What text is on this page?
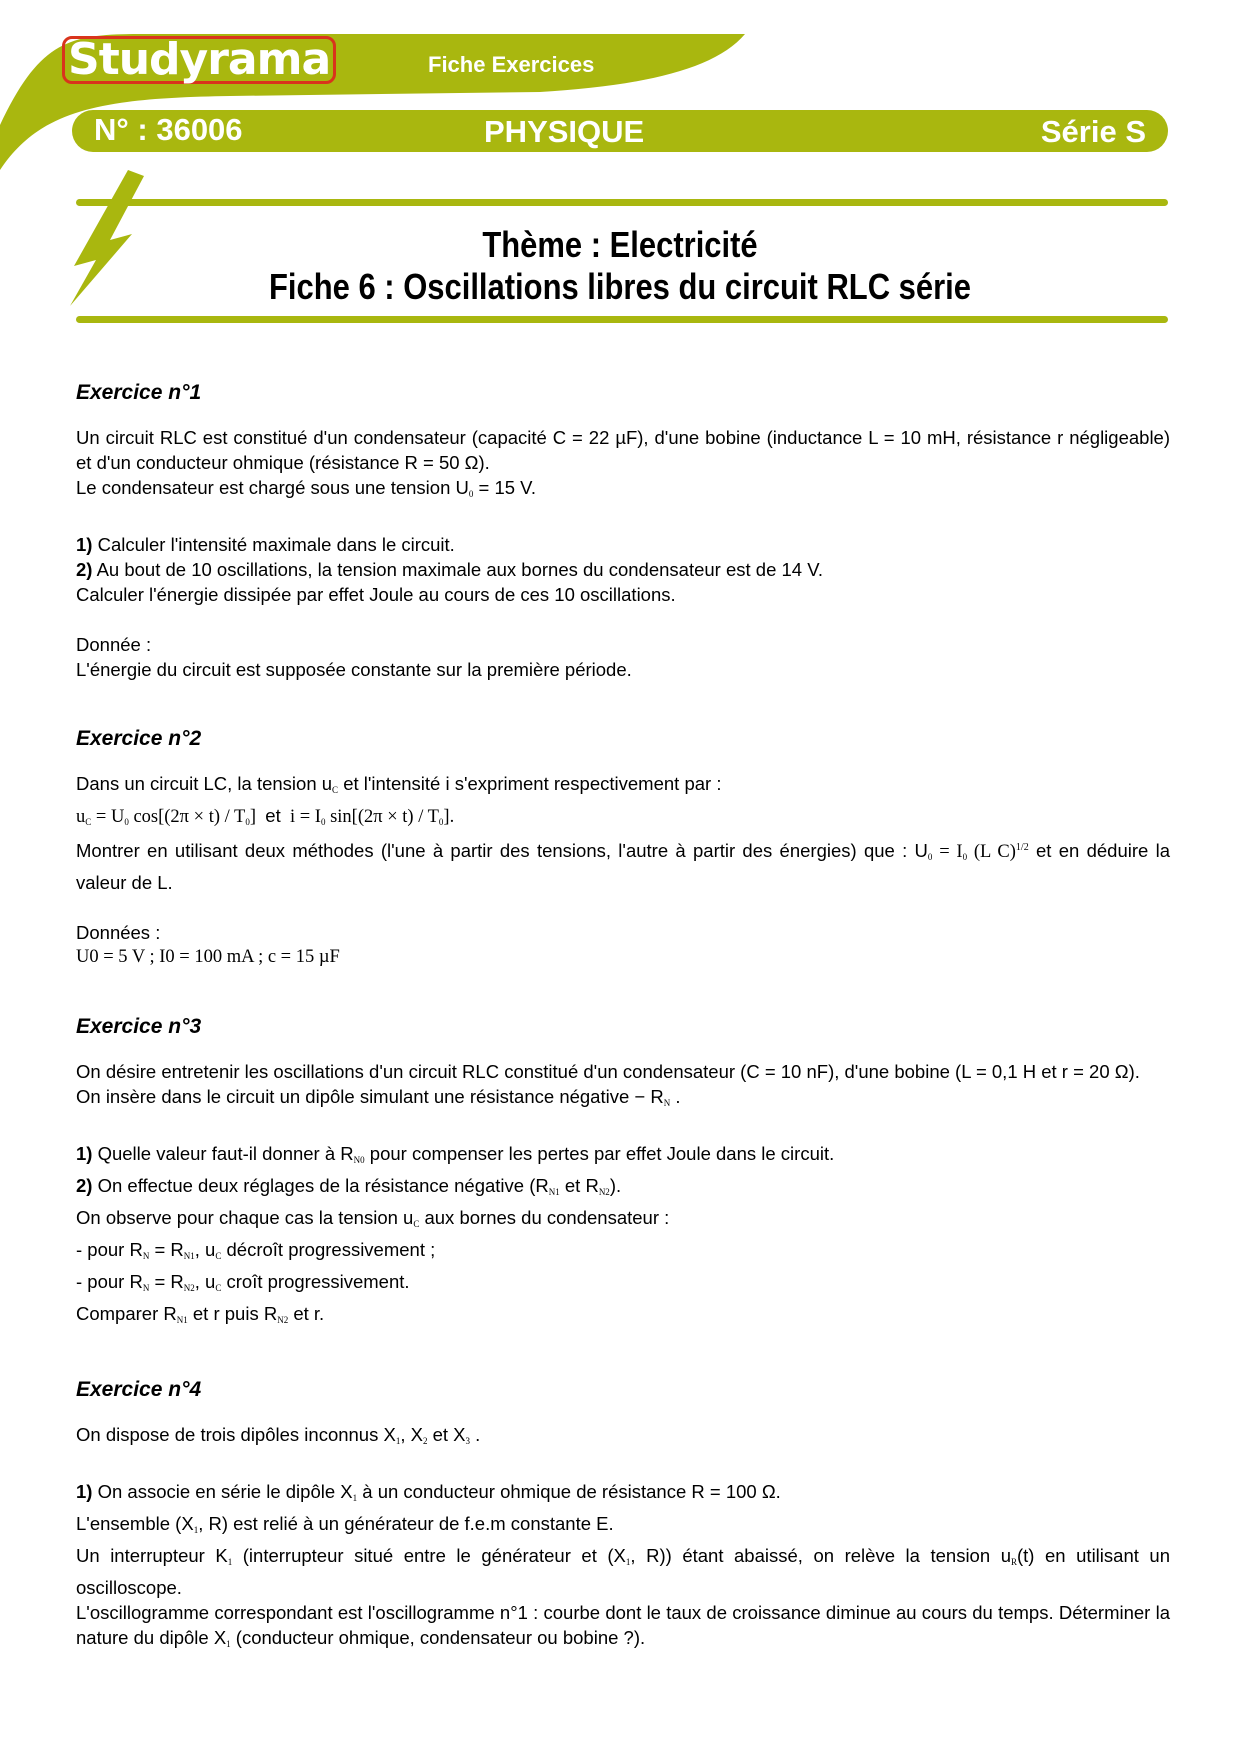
Studyrama	Fiche Exercices
N° : 36006	PHYSIQUE	Série S
Thème : Electricité
Fiche 6 : Oscillations libres du circuit RLC série
Exercice n°1

Un circuit RLC est constitué d'un condensateur (capacité C = 22 µF), d'une bobine (inductance L = 10 mH, résistance r négligeable) et d'un conducteur ohmique (résistance R = 50 Ω).

Le condensateur est chargé sous une tension $U_0 = 15$ V.

1) Calculer l'intensité maximale dans le circuit.

2) Au bout de 10 oscillations, la tension maximale aux bornes du condensateur est de 14 V.

Calculer l'énergie dissipée par effet Joule au cours de ces 10 oscillations.

Donnée :

L'énergie du circuit est supposée constante sur la première période.

Exercice n°2

Dans un circuit LC, la tension $u_C$ et l'intensité i s'expriment respectivement par :

$u_C = U_0$ $\cos[(2\pi \times t) / T_0]$ et $i = I_0$ $\sin[(2\pi \times t) / T_0]$.

Montrer en utilisant deux méthodes (l'une à partir des tensions, l'autre à partir des énergies) que : $U_0 = I_0$ (L C)$^{1/2}$ et en déduire la valeur de L.

Données :

U0 = 5 V ; I0 = 100 mA ; c = 15 µF

Exercice n°3

On désire entretenir les oscillations d'un circuit RLC constitué d'un condensateur (C = 10 nF), d'une bobine (L = 0,1 H et r = 20 Ω).

On insère dans le circuit un dipôle simulant une résistance négative − $R_N$ .

1) Quelle valeur faut-il donner à $R_{N0}$ pour compenser les pertes par effet Joule dans le circuit.

2) On effectue deux réglages de la résistance négative ($R_{N1}$ et $R_{N2}$).

On observe pour chaque cas la tension $u_C$ aux bornes du condensateur :

- pour $R_N = R_{N1}$, $u_C$ décroît progressivement ;

- pour $R_N = R_{N2}$, $u_C$ croît progressivement.

Comparer $R_{N1}$ et r puis $R_{N2}$ et r.

Exercice n°4

On dispose de trois dipôles inconnus $X_1$, $X_2$ et $X_3$ .

1) On associe en série le dipôle $X_1$ à un conducteur ohmique de résistance R = 100 Ω.

L'ensemble ($X_1$, R) est relié à un générateur de f.e.m constante E.

Un interrupteur $K_1$ (interrupteur situé entre le générateur et ($X_1$, R)) étant abaissé, on relève la tension $u_R(t)$ en utilisant un oscilloscope.

L'oscillogramme correspondant est l'oscillogramme n°1 : courbe dont le taux de croissance diminue au cours du temps. Déterminer la nature du dipôle $X_1$ (conducteur ohmique, condensateur ou bobine ?).
